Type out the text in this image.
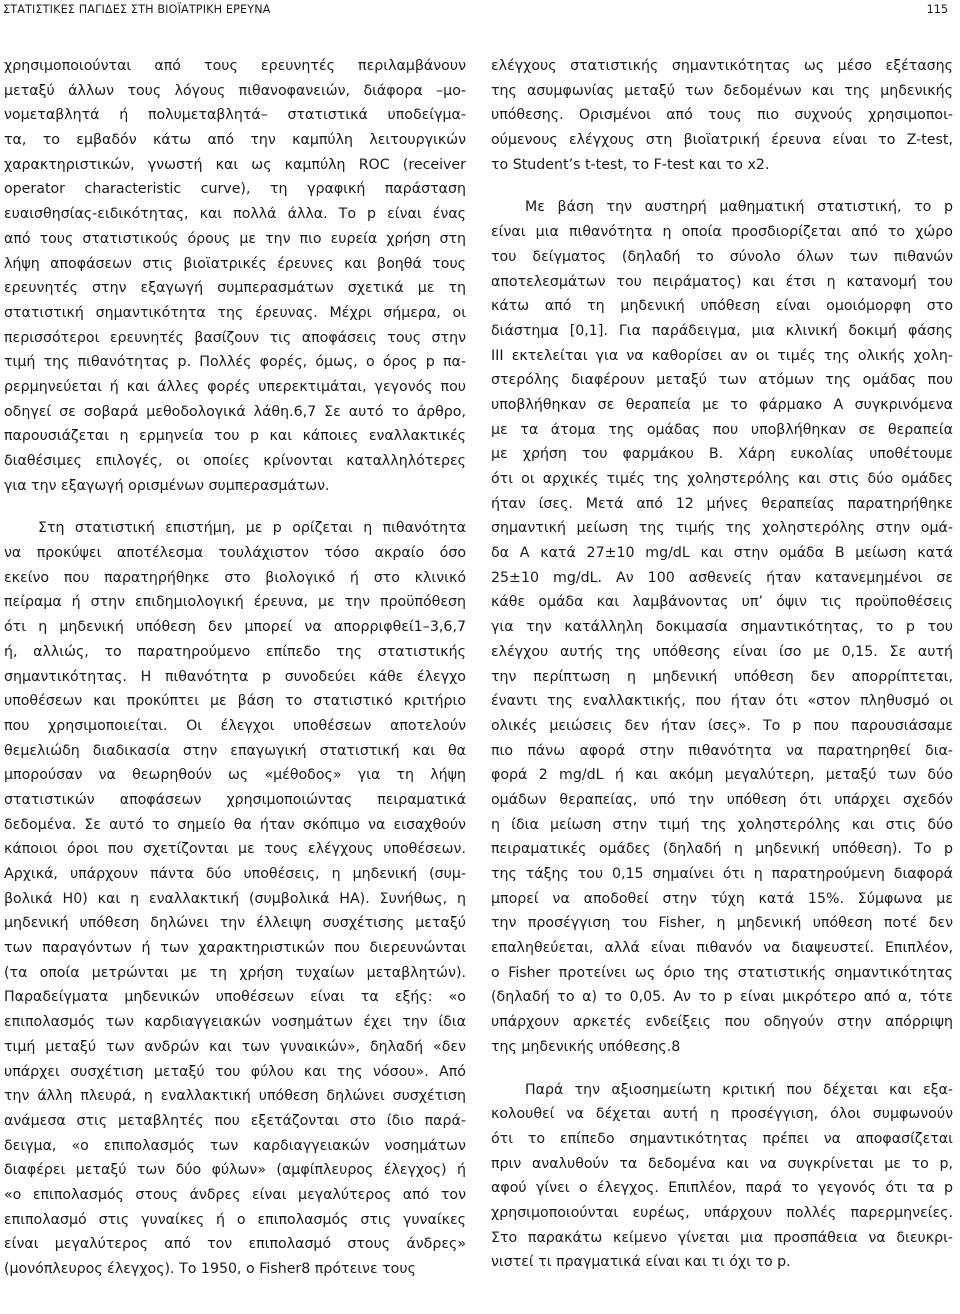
ΣΤΑΤΙΣΤΙΚΕΣ ΠΑΓΙΔΕΣ ΣΤΗ ΒΙΟΪΑΤΡΙΚΗ ΕΡΕΥΝΑ	115
χρησιμοποιούνται από τους ερευνητές περιλαμβάνουν
μεταξύ άλλων τους λόγους πιθανοφανειών, διάφορα –μο-
νομεταβλητά ή πολυμεταβλητά– στατιστικά υποδείγμα-
τα, το εμβαδόν κάτω από την καμπύλη λειτουργικών
χαρακτηριστικών, γνωστή και ως καμπύλη ROC (receiver
operator characteristic curve), τη γραφική παράσταση
ευαισθησίας-ειδικότητας, και πολλά άλλα. Το p είναι ένας
από τους στατιστικούς όρους με την πιο ευρεία χρήση στη
λήψη αποφάσεων στις βιοϊατρικές έρευνες και βοηθά τους
ερευνητές στην εξαγωγή συμπερασμάτων σχετικά με τη
στατιστική σημαντικότητα της έρευνας. Μέχρι σήμερα, οι
περισσότεροι ερευνητές βασίζουν τις αποφάσεις τους στην
τιμή της πιθανότητας p. Πολλές φορές, όμως, ο όρος p πα-
ρερμηνεύεται ή και άλλες φορές υπερεκτιμάται, γεγονός που
οδηγεί σε σοβαρά μεθοδολογικά λάθη.6,7 Σε αυτό το άρθρο,
παρουσιάζεται η ερμηνεία του p και κάποιες εναλλακτικές
διαθέσιμες επιλογές, οι οποίες κρίνονται καταλληλότερες
για την εξαγωγή ορισμένων συμπερασμάτων.
Στη στατιστική επιστήμη, με p ορίζεται η πιθανότητα
να προκύψει αποτέλεσμα τουλάχιστον τόσο ακραίο όσο
εκείνο που παρατηρήθηκε στο βιολογικό ή στο κλινικό
πείραμα ή στην επιδημιολογική έρευνα, με την προϋπόθεση
ότι η μηδενική υπόθεση δεν μπορεί να απορριφθεί1–3,6,7
ή, αλλιώς, το παρατηρούμενο επίπεδο της στατιστικής
σημαντικότητας. Η πιθανότητα p συνοδεύει κάθε έλεγχο
υποθέσεων και προκύπτει με βάση το στατιστικό κριτήριο
που χρησιμοποιείται. Οι έλεγχοι υποθέσεων αποτελούν
θεμελιώδη διαδικασία στην επαγωγική στατιστική και θα
μπορούσαν να θεωρηθούν ως «μέθοδος» για τη λήψη
στατιστικών αποφάσεων χρησιμοποιώντας πειραματικά
δεδομένα. Σε αυτό το σημείο θα ήταν σκόπιμο να εισαχθούν
κάποιοι όροι που σχετίζονται με τους ελέγχους υποθέσεων.
Αρχικά, υπάρχουν πάντα δύο υποθέσεις, η μηδενική (συμ-
βολικά H0) και η εναλλακτική (συμβολικά HA). Συνήθως, η
μηδενική υπόθεση δηλώνει την έλλειψη συσχέτισης μεταξύ
των παραγόντων ή των χαρακτηριστικών που διερευνώνται
(τα οποία μετρώνται με τη χρήση τυχαίων μεταβλητών).
Παραδείγματα μηδενικών υποθέσεων είναι τα εξής: «ο
επιπολασμός των καρδιαγγειακών νοσημάτων έχει την ίδια
τιμή μεταξύ των ανδρών και των γυναικών», δηλαδή «δεν
υπάρχει συσχέτιση μεταξύ του φύλου και της νόσου». Από
την άλλη πλευρά, η εναλλακτική υπόθεση δηλώνει συσχέτιση
ανάμεσα στις μεταβλητές που εξετάζονται στο ίδιο παρά-
δειγμα, «ο επιπολασμός των καρδιαγγειακών νοσημάτων
διαφέρει μεταξύ των δύο φύλων» (αμφίπλευρος έλεγχος) ή
«ο επιπολασμός στους άνδρες είναι μεγαλύτερος από τον
επιπολασμό στις γυναίκες ή ο επιπολασμός στις γυναίκες
είναι μεγαλύτερος από τον επιπολασμό στους άνδρες»
(μονόπλευρος έλεγχος). Το 1950, ο Fisher8 πρότεινε τους
ελέγχους στατιστικής σημαντικότητας ως μέσο εξέτασης
της ασυμφωνίας μεταξύ των δεδομένων και της μηδενικής
υπόθεσης. Ορισμένοι από τους πιο συχνούς χρησιμοποι-
ούμενους ελέγχους στη βιοϊατρική έρευνα είναι το Z-test,
το Student’s t-test, το F-test και το x2.
Με βάση την αυστηρή μαθηματική στατιστική, το p
είναι μια πιθανότητα η οποία προσδιορίζεται από το χώρο
του δείγματος (δηλαδή το σύνολο όλων των πιθανών
αποτελεσμάτων του πειράματος) και έτσι η κατανομή του
κάτω από τη μηδενική υπόθεση είναι ομοιόμορφη στο
διάστημα [0,1]. Για παράδειγμα, μια κλινική δοκιμή φάσης
III εκτελείται για να καθορίσει αν οι τιμές της ολικής χολη-
στερόλης διαφέρουν μεταξύ των ατόμων της ομάδας που
υποβλήθηκαν σε θεραπεία με το φάρμακο Α συγκρινόμενα
με τα άτομα της ομάδας που υποβλήθηκαν σε θεραπεία
με χρήση του φαρμάκου Β. Χάρη ευκολίας υποθέτουμε
ότι οι αρχικές τιμές της χοληστερόλης και στις δύο ομάδες
ήταν ίσες. Μετά από 12 μήνες θεραπείας παρατηρήθηκε
σημαντική μείωση της τιμής της χοληστερόλης στην ομά-
δα Α κατά 27±10 mg/dL και στην ομάδα Β μείωση κατά
25±10 mg/dL. Αν 100 ασθενείς ήταν κατανεμημένοι σε
κάθε ομάδα και λαμβάνοντας υπ’ όψιν τις προϋποθέσεις
για την κατάλληλη δοκιμασία σημαντικότητας, το p του
ελέγχου αυτής της υπόθεσης είναι ίσο με 0,15. Σε αυτή
την περίπτωση η μηδενική υπόθεση δεν απορρίπτεται,
έναντι της εναλλακτικής, που ήταν ότι «στον πληθυσμό οι
ολικές μειώσεις δεν ήταν ίσες». Το p που παρουσιάσαμε
πιο πάνω αφορά στην πιθανότητα να παρατηρηθεί δια-
φορά 2 mg/dL ή και ακόμη μεγαλύτερη, μεταξύ των δύο
ομάδων θεραπείας, υπό την υπόθεση ότι υπάρχει σχεδόν
η ίδια μείωση στην τιμή της χοληστερόλης και στις δύο
πειραματικές ομάδες (δηλαδή η μηδενική υπόθεση). Το p
της τάξης του 0,15 σημαίνει ότι η παρατηρούμενη διαφορά
μπορεί να αποδοθεί στην τύχη κατά 15%. Σύμφωνα με
την προσέγγιση του Fisher, η μηδενική υπόθεση ποτέ δεν
επαληθεύεται, αλλά είναι πιθανόν να διαψευστεί. Επιπλέον,
ο Fisher προτείνει ως όριο της στατιστικής σημαντικότητας
(δηλαδή το α) το 0,05. Αν το p είναι μικρότερο από α, τότε
υπάρχουν αρκετές ενδείξεις που οδηγούν στην απόρριψη
της μηδενικής υπόθεσης.8
Παρά την αξιοσημείωτη κριτική που δέχεται και εξα-
κολουθεί να δέχεται αυτή η προσέγγιση, όλοι συμφωνούν
ότι το επίπεδο σημαντικότητας πρέπει να αποφασίζεται
πριν αναλυθούν τα δεδομένα και να συγκρίνεται με το p,
αφού γίνει ο έλεγχος. Επιπλέον, παρά το γεγονός ότι τα p
χρησιμοποιούνται ευρέως, υπάρχουν πολλές παρερμηνείες.
Στο παρακάτω κείμενο γίνεται μια προσπάθεια να διευκρι-
νιστεί τι πραγματικά είναι και τι όχι το p.
